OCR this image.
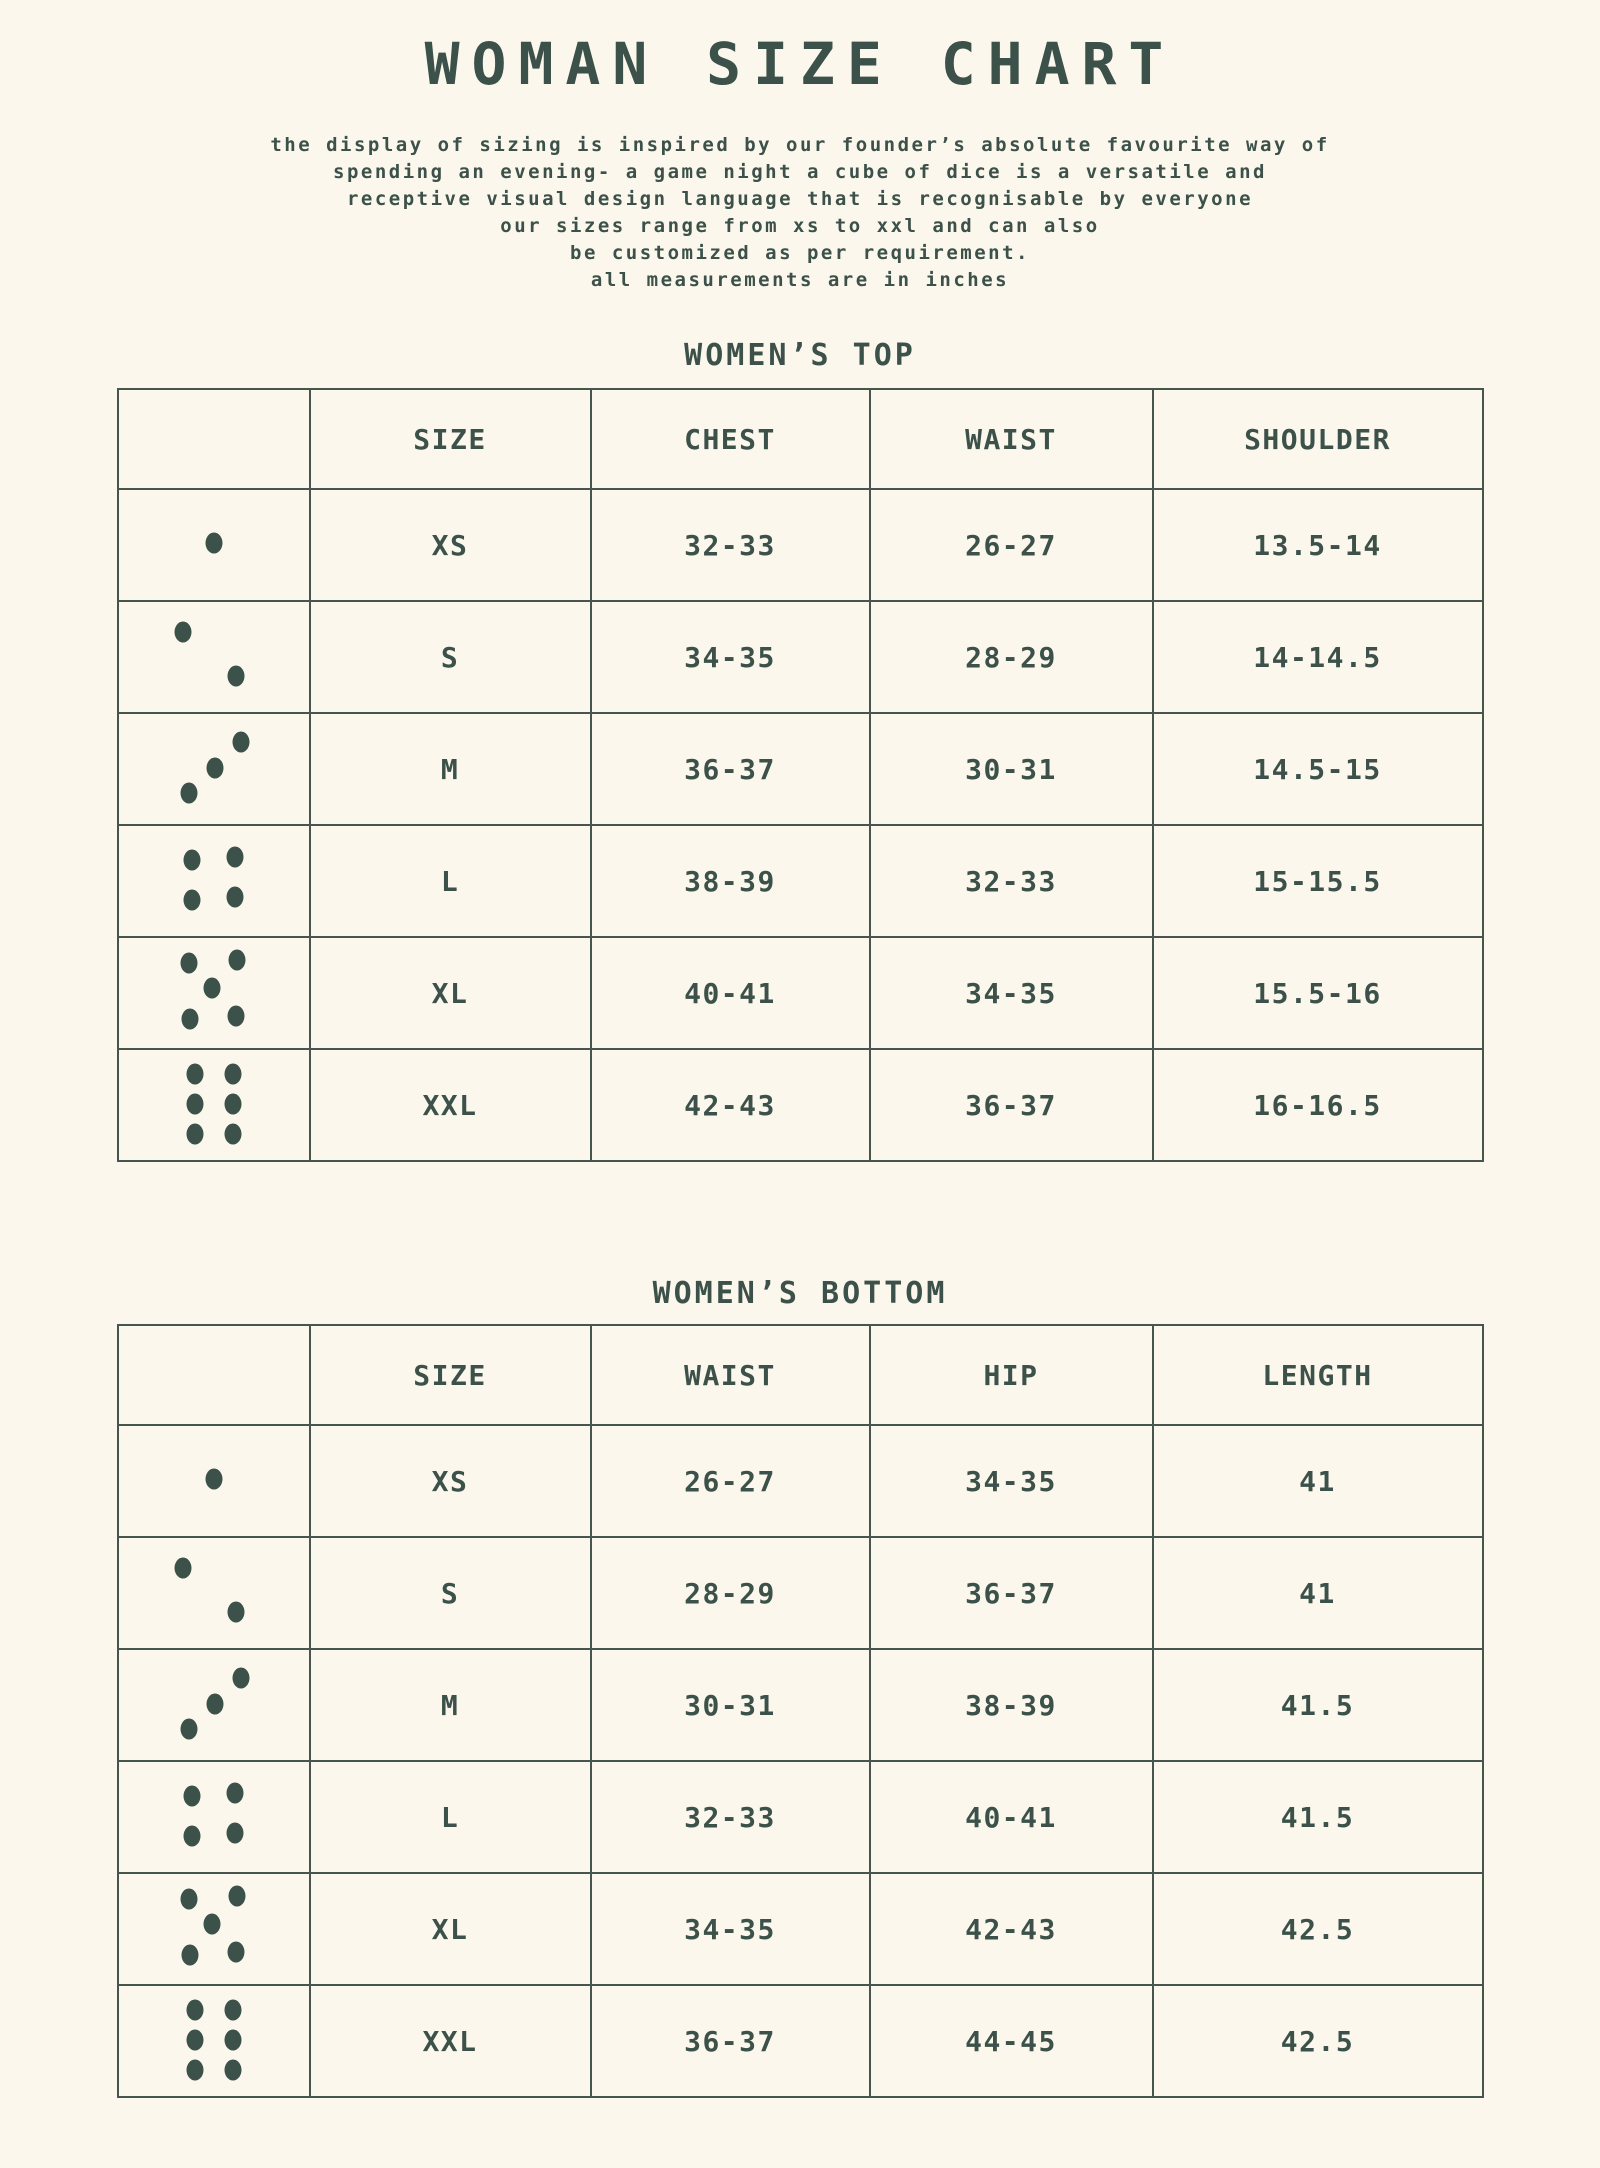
WOMAN SIZE CHART

the display of sizing is inspired by our founder’s absolute favourite way of

spending an evening- a game night a cube of dice is a versatile and

receptive visual design language that is recognisable by everyone

our sizes range from xs to xxl and can also

be customized as per requirement.

all measurements are in inches

WOMEN’S TOP
	SIZE	CHEST	WAIST	SHOULDER

	XS	32-33	26-27	13.5-14

	S	34-35	28-29	14-14.5

	M	36-37	30-31	14.5-15

	L	38-39	32-33	15-15.5

	XL	40-41	34-35	15.5-16

	XXL	42-43	36-37	16-16.5
WOMEN’S BOTTOM
	SIZE	WAIST	HIP	LENGTH

	XS	26-27	34-35	41

	S	28-29	36-37	41

	M	30-31	38-39	41.5

	L	32-33	40-41	41.5

	XL	34-35	42-43	42.5

	XXL	36-37	44-45	42.5
